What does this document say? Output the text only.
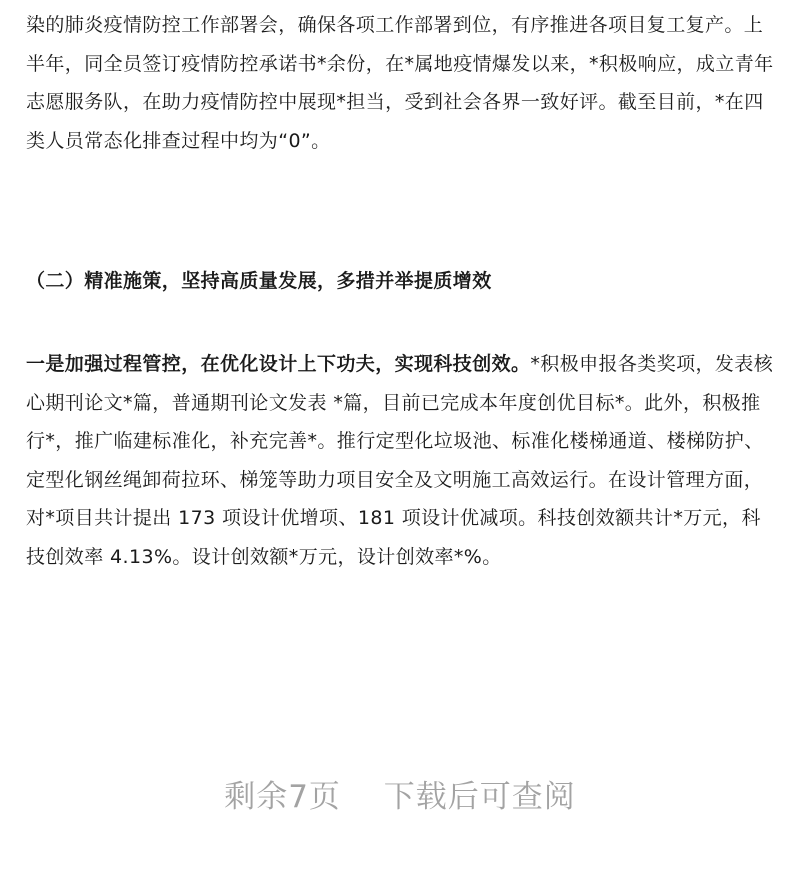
染的肺炎疫情防控工作部署会，确保各项工作部署到位，有序推进各项目复工复产。上半年，同全员签订疫情防控承诺书*余份，在*属地疫情爆发以来，*积极响应，成立青年志愿服务队，在助力疫情防控中展现*担当，受到社会各界一致好评。截至目前，*在四类人员常态化排查过程中均为“0”。

（二）精准施策，坚持高质量发展，多措并举提质增效

一是加强过程管控，在优化设计上下功夫，实现科技创效。*积极申报各类奖项，发表核心期刊论文*篇，普通期刊论文发表 *篇，目前已完成本年度创优目标*。此外，积极推行*，推广临建标准化，补充完善*。推行定型化垃圾池、标准化楼梯通道、楼梯防护、定型化钢丝绳卸荷拉环、梯笼等助力项目安全及文明施工高效运行。在设计管理方面，对*项目共计提出 173 项设计优增项、181 项设计优减项。科技创效额共计*万元，科技创效率 4.13%。设计创效额*万元，设计创效率*%。

剩余7页 下载后可查阅
